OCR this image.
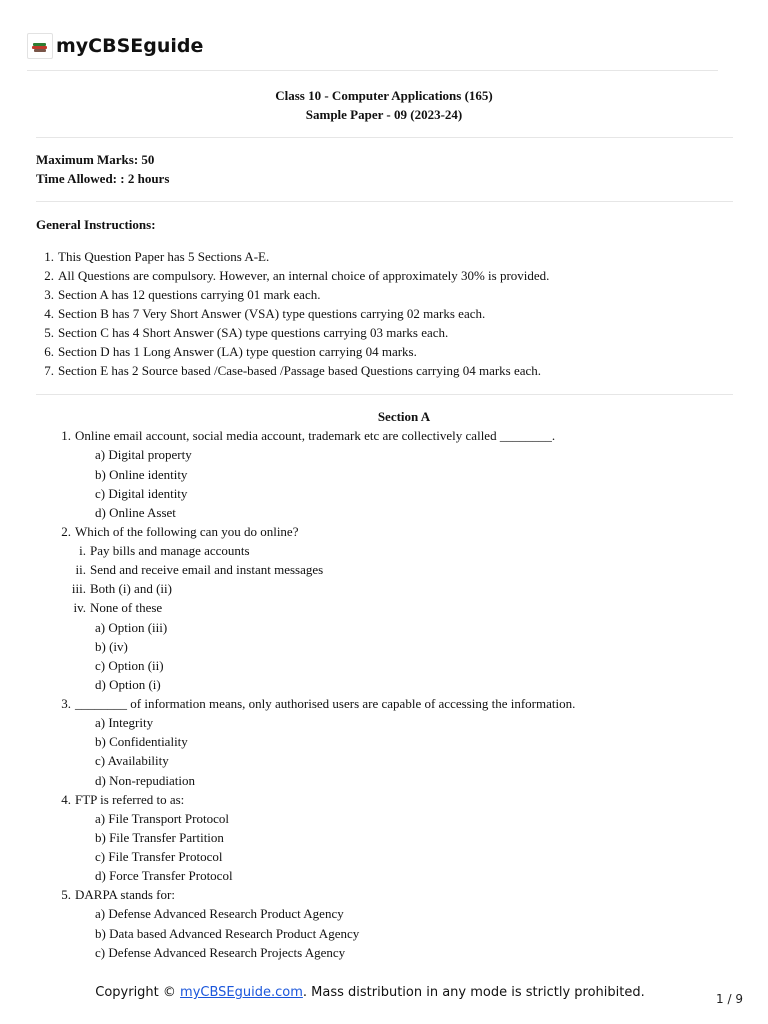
myCBSEguide
Class 10 - Computer Applications (165)
Sample Paper - 09 (2023-24)
Maximum Marks: 50
Time Allowed: : 2 hours
General Instructions:
1. This Question Paper has 5 Sections A-E.
2. All Questions are compulsory. However, an internal choice of approximately 30% is provided.
3. Section A has 12 questions carrying 01 mark each.
4. Section B has 7 Very Short Answer (VSA) type questions carrying 02 marks each.
5. Section C has 4 Short Answer (SA) type questions carrying 03 marks each.
6. Section D has 1 Long Answer (LA) type question carrying 04 marks.
7. Section E has 2 Source based /Case-based /Passage based Questions carrying 04 marks each.
Section A
1. Online email account, social media account, trademark etc are collectively called ________.
a) Digital property
b) Online identity
c) Digital identity
d) Online Asset
2. Which of the following can you do online?
i. Pay bills and manage accounts
ii. Send and receive email and instant messages
iii. Both (i) and (ii)
iv. None of these
a) Option (iii)
b) (iv)
c) Option (ii)
d) Option (i)
3. ________ of information means, only authorised users are capable of accessing the information.
a) Integrity
b) Confidentiality
c) Availability
d) Non-repudiation
4. FTP is referred to as:
a) File Transport Protocol
b) File Transfer Partition
c) File Transfer Protocol
d) Force Transfer Protocol
5. DARPA stands for:
a) Defense Advanced Research Product Agency
b) Data based Advanced Research Product Agency
c) Defense Advanced Research Projects Agency
Copyright © myCBSEguide.com. Mass distribution in any mode is strictly prohibited.	1 / 9
